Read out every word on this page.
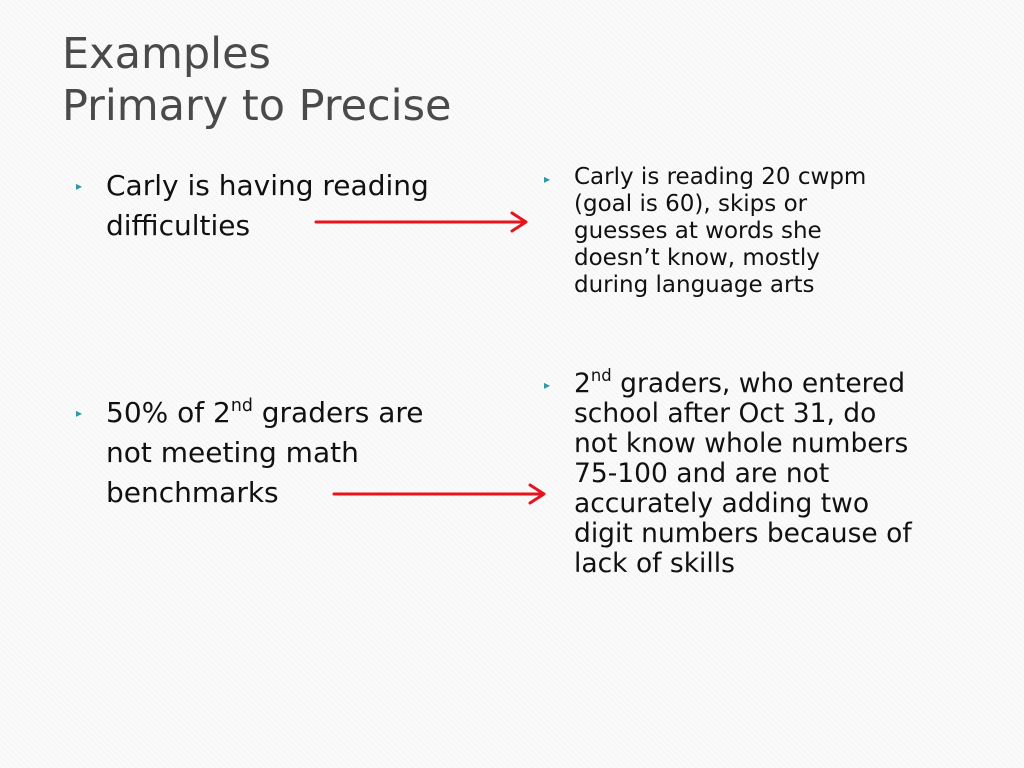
Examples
Primary to Precise
▸ Carly is having reading
difficulties
▸ 50% of 2nd graders are
not meeting math
benchmarks
▸	Carly is reading 20 cwpm
(goal is 60), skips or
guesses at words she
doesn’t know, mostly
during language arts
▸ 2nd graders, who entered
school after Oct 31, do
not know whole numbers
75-100 and are not
accurately adding two
digit numbers because of
lack of skills
